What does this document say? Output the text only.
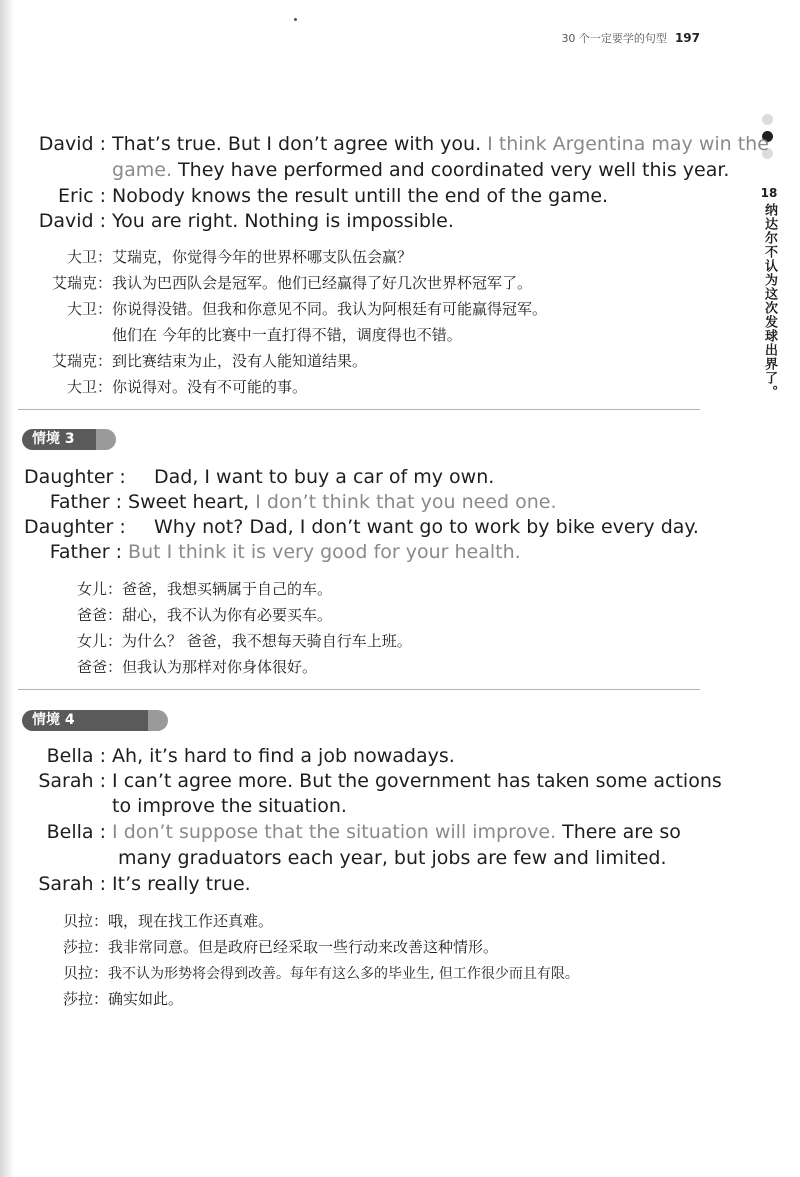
30 个一定要学的句型 197
18
纳达尔不认为这次发球出界了。
David : That’s true. But I don’t agree with you. I think Argentina may win the
game. They have performed and coordinated very well this year.
Eric : Nobody knows the result untill the end of the game.
David : You are right. Nothing is impossible.
大卫：艾瑞克，你觉得今年的世界杯哪支队伍会赢？
艾瑞克：我认为巴西队会是冠军。他们已经赢得了好几次世界杯冠军了。
大卫：你说得没错。但我和你意见不同。我认为阿根廷有可能赢得冠军。
他们在 今年的比赛中一直打得不错，调度得也不错。
艾瑞克：到比赛结束为止，没有人能知道结果。
大卫：你说得对。没有不可能的事。
情境 3
Daughter : Dad, I want to buy a car of my own.
Father : Sweet heart, I don’t think that you need one.
Daughter : Why not? Dad, I don’t want go to work by bike every day.
Father : But I think it is very good for your health.
女儿：爸爸，我想买辆属于自己的车。
爸爸：甜心，我不认为你有必要买车。
女儿：为什么？ 爸爸，我不想每天骑自行车上班。
爸爸：但我认为那样对你身体很好。
情境 4
Bella : Ah, it’s hard to find a job nowadays.
Sarah : I can’t agree more. But the government has taken some actions
to improve the situation.
Bella : I don’t suppose that the situation will improve. There are so
many graduators each year, but jobs are few and limited.
Sarah : It’s really true.
贝拉：哦，现在找工作还真难。
莎拉：我非常同意。但是政府已经采取一些行动来改善这种情形。
贝拉：我不认为形势将会得到改善。每年有这么多的毕业生, 但工作很少而且有限。
莎拉：确实如此。
